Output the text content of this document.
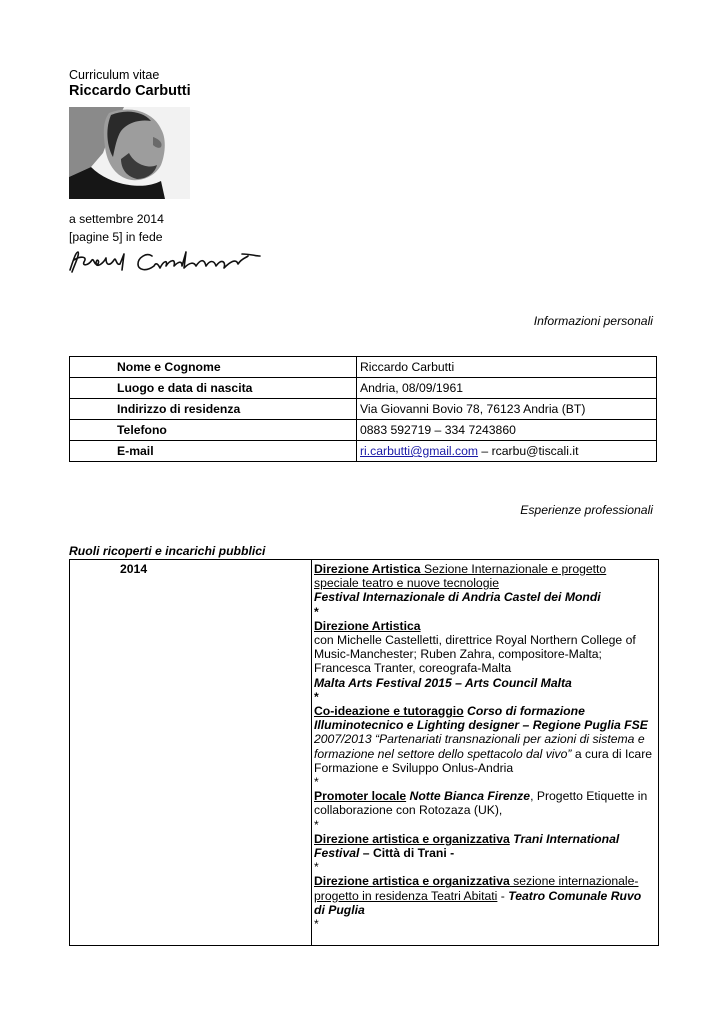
Curriculum vitae
Riccardo Carbutti
a settembre 2014
[pagine 5] in fede
Informazioni personali
Nome e Cognome	Riccardo Carbutti
Luogo e data di nascita	Andria, 08/09/1961
Indirizzo di residenza	Via Giovanni Bovio 78, 76123 Andria (BT)
Telefono	0883 592719 – 334 7243860
E-mail	ri.carbutti@gmail.com – rcarbu@tiscali.it
Esperienze professionali
Ruoli ricoperti e incarichi pubblici
2014	Direzione Artistica Sezione Internazionale e progetto speciale teatro e nuove tecnologie
Festival Internazionale di Andria Castel dei Mondi
*
Direzione Artistica
con Michelle Castelletti, direttrice Royal Northern College of Music-Manchester; Ruben Zahra, compositore-Malta; Francesca Tranter, coreografa-Malta
Malta Arts Festival 2015 – Arts Council Malta
*
Co-ideazione e tutoraggio Corso di formazione Illuminotecnico e Lighting designer – Regione Puglia FSE 2007/2013 “Partenariati transnazionali per azioni di sistema e formazione nel settore dello spettacolo dal vivo” a cura di Icare Formazione e Sviluppo Onlus-Andria
*
Promoter locale Notte Bianca Firenze, Progetto Etiquette in collaborazione con Rotozaza (UK),
*
Direzione artistica e organizzativa Trani International Festival – Città di Trani -
*
Direzione artistica e organizzativa sezione internazionale-progetto in residenza Teatri Abitati - Teatro Comunale Ruvo di Puglia
*
